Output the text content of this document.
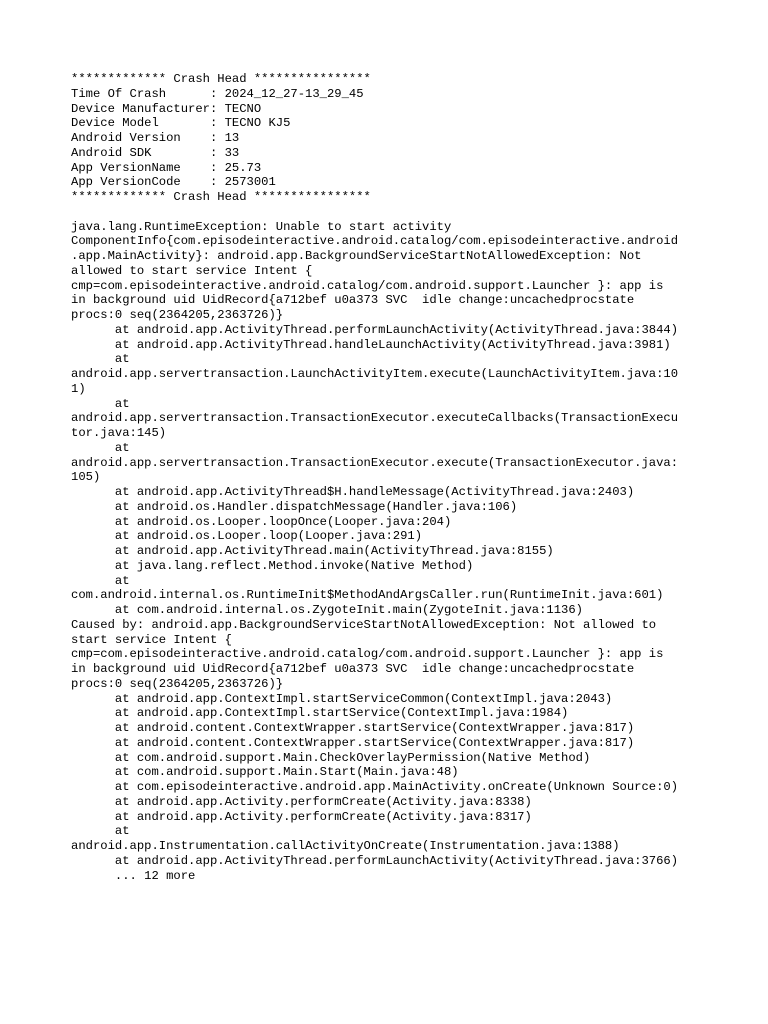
************* Crash Head ****************
Time Of Crash      : 2024_12_27-13_29_45
Device Manufacturer: TECNO
Device Model       : TECNO KJ5
Android Version    : 13
Android SDK        : 33
App VersionName    : 25.73
App VersionCode    : 2573001
************* Crash Head ****************
java.lang.RuntimeException: Unable to start activity
ComponentInfo{com.episodeinteractive.android.catalog/com.episodeinteractive.android
.app.MainActivity}: android.app.BackgroundServiceStartNotAllowedException: Not
allowed to start service Intent {
cmp=com.episodeinteractive.android.catalog/com.android.support.Launcher }: app is
in background uid UidRecord{a712bef u0a373 SVC  idle change:uncachedprocstate
procs:0 seq(2364205,2363726)}
at android.app.ActivityThread.performLaunchActivity(ActivityThread.java:3844)
at android.app.ActivityThread.handleLaunchActivity(ActivityThread.java:3981)
at
android.app.servertransaction.LaunchActivityItem.execute(LaunchActivityItem.java:10
1)
at
android.app.servertransaction.TransactionExecutor.executeCallbacks(TransactionExecu
tor.java:145)
at
android.app.servertransaction.TransactionExecutor.execute(TransactionExecutor.java:
105)
at android.app.ActivityThread$H.handleMessage(ActivityThread.java:2403)
at android.os.Handler.dispatchMessage(Handler.java:106)
at android.os.Looper.loopOnce(Looper.java:204)
at android.os.Looper.loop(Looper.java:291)
at android.app.ActivityThread.main(ActivityThread.java:8155)
at java.lang.reflect.Method.invoke(Native Method)
at
com.android.internal.os.RuntimeInit$MethodAndArgsCaller.run(RuntimeInit.java:601)
at com.android.internal.os.ZygoteInit.main(ZygoteInit.java:1136)
Caused by: android.app.BackgroundServiceStartNotAllowedException: Not allowed to
start service Intent {
cmp=com.episodeinteractive.android.catalog/com.android.support.Launcher }: app is
in background uid UidRecord{a712bef u0a373 SVC  idle change:uncachedprocstate
procs:0 seq(2364205,2363726)}
at android.app.ContextImpl.startServiceCommon(ContextImpl.java:2043)
at android.app.ContextImpl.startService(ContextImpl.java:1984)
at android.content.ContextWrapper.startService(ContextWrapper.java:817)
at android.content.ContextWrapper.startService(ContextWrapper.java:817)
at com.android.support.Main.CheckOverlayPermission(Native Method)
at com.android.support.Main.Start(Main.java:48)
at com.episodeinteractive.android.app.MainActivity.onCreate(Unknown Source:0)
at android.app.Activity.performCreate(Activity.java:8338)
at android.app.Activity.performCreate(Activity.java:8317)
at
android.app.Instrumentation.callActivityOnCreate(Instrumentation.java:1388)
at android.app.ActivityThread.performLaunchActivity(ActivityThread.java:3766)
... 12 more
